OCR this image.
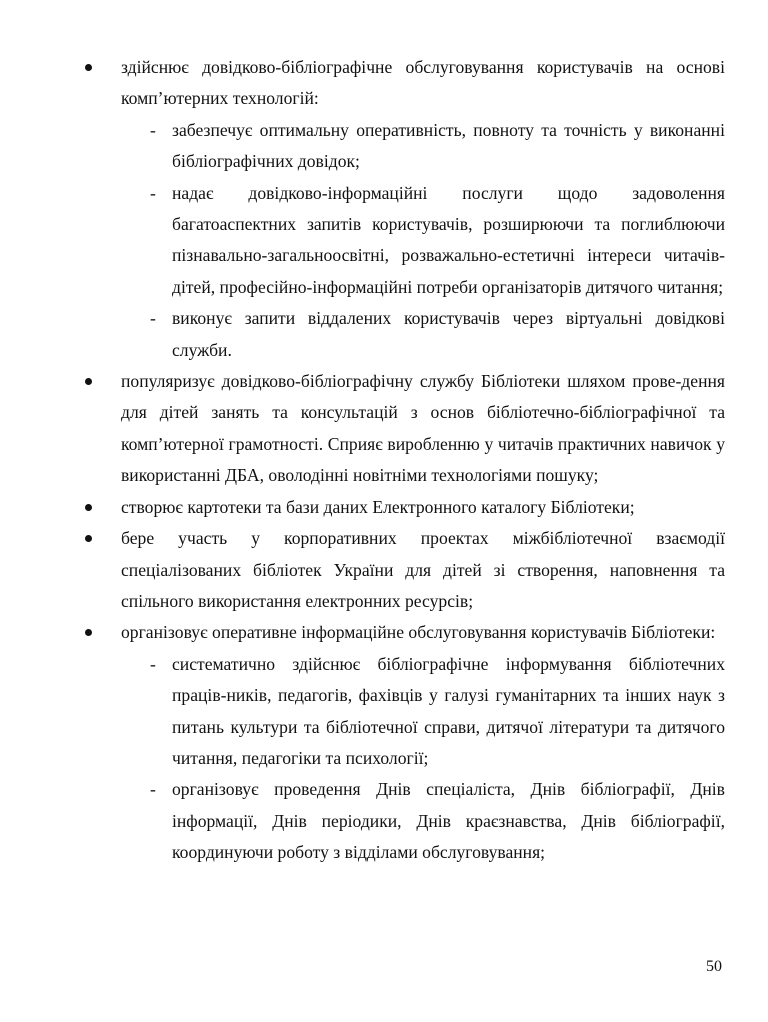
здійснює довідково-бібліографічне обслуговування користувачів на основі комп’ютерних технологій:
- забезпечує оптимальну оперативність, повноту та точність у виконанні бібліографічних довідок;
- надає довідково-інформаційні послуги щодо задоволення багатоаспектних запитів користувачів, розширюючи та поглиблюючи пізнавально-загальноосвітні, розважально-естетичні інтереси читачів-дітей, професійно-інформаційні потреби організаторів дитячого читання;
- виконує запити віддалених користувачів через віртуальні довідкові служби.
популяризує довідково-бібліографічну службу Бібліотеки шляхом прове-дення для дітей занять та консультацій з основ бібліотечно-бібліографічної та комп’ютерної грамотності. Сприяє виробленню у читачів практичних навичок у використанні ДБА, оволодінні новітніми технологіями пошуку;
створює картотеки та бази даних Електронного каталогу Бібліотеки;
бере участь у корпоративних проектах міжбібліотечної взаємодії спеціалізованих бібліотек України для дітей зі створення, наповнення та спільного використання електронних ресурсів;
організовує оперативне інформаційне обслуговування користувачів Бібліотеки:
- систематично здійснює бібліографічне інформування бібліотечних праців-ників, педагогів, фахівців у галузі гуманітарних та інших наук з питань культури та бібліотечної справи, дитячої літератури та дитячого читання, педагогіки та психології;
- організовує проведення Днів спеціаліста, Днів бібліографії, Днів інформації, Днів періодики, Днів краєзнавства, Днів бібліографії, координуючи роботу з відділами обслуговування;
50
